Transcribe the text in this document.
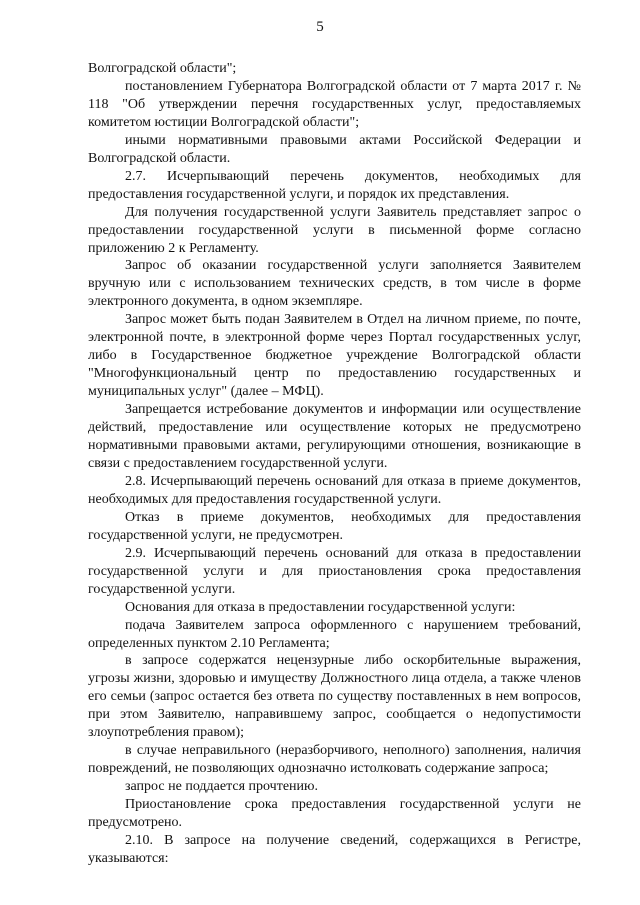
5

Волгоградской области";

постановлением Губернатора Волгоградской области от 7 марта 2017 г. № 118 "Об утверждении перечня государственных услуг, предоставляемых комитетом юстиции Волгоградской области";

иными нормативными правовыми актами Российской Федерации и Волгоградской области.

2.7. Исчерпывающий перечень документов, необходимых для предоставления государственной услуги, и порядок их представления.

Для получения государственной услуги Заявитель представляет запрос о предоставлении государственной услуги в письменной форме согласно приложению 2 к Регламенту.

Запрос об оказании государственной услуги заполняется Заявителем вручную или с использованием технических средств, в том числе в форме электронного документа, в одном экземпляре.

Запрос может быть подан Заявителем в Отдел на личном приеме, по почте, электронной почте, в электронной форме через Портал государственных услуг, либо в Государственное бюджетное учреждение Волгоградской области "Многофункциональный центр по предоставлению государственных и муниципальных услуг" (далее – МФЦ).

Запрещается истребование документов и информации или осуществление действий, предоставление или осуществление которых не предусмотрено нормативными правовыми актами, регулирующими отношения, возникающие в связи с предоставлением государственной услуги.

2.8. Исчерпывающий перечень оснований для отказа в приеме документов, необходимых для предоставления государственной услуги.

Отказ в приеме документов, необходимых для предоставления государственной услуги, не предусмотрен.

2.9. Исчерпывающий перечень оснований для отказа в предоставлении государственной услуги и для приостановления срока предоставления государственной услуги.

Основания для отказа в предоставлении государственной услуги:

подача Заявителем запроса оформленного с нарушением требований, определенных пунктом 2.10 Регламента;

в запросе содержатся нецензурные либо оскорбительные выражения, угрозы жизни, здоровью и имуществу Должностного лица отдела, а также членов его семьи (запрос остается без ответа по существу поставленных в нем вопросов, при этом Заявителю, направившему запрос, сообщается о недопустимости злоупотребления правом);

в случае неправильного (неразборчивого, неполного) заполнения, наличия повреждений, не позволяющих однозначно истолковать содержание запроса;

запрос не поддается прочтению.

Приостановление срока предоставления государственной услуги не предусмотрено.

2.10. В запросе на получение сведений, содержащихся в Регистре, указываются:
